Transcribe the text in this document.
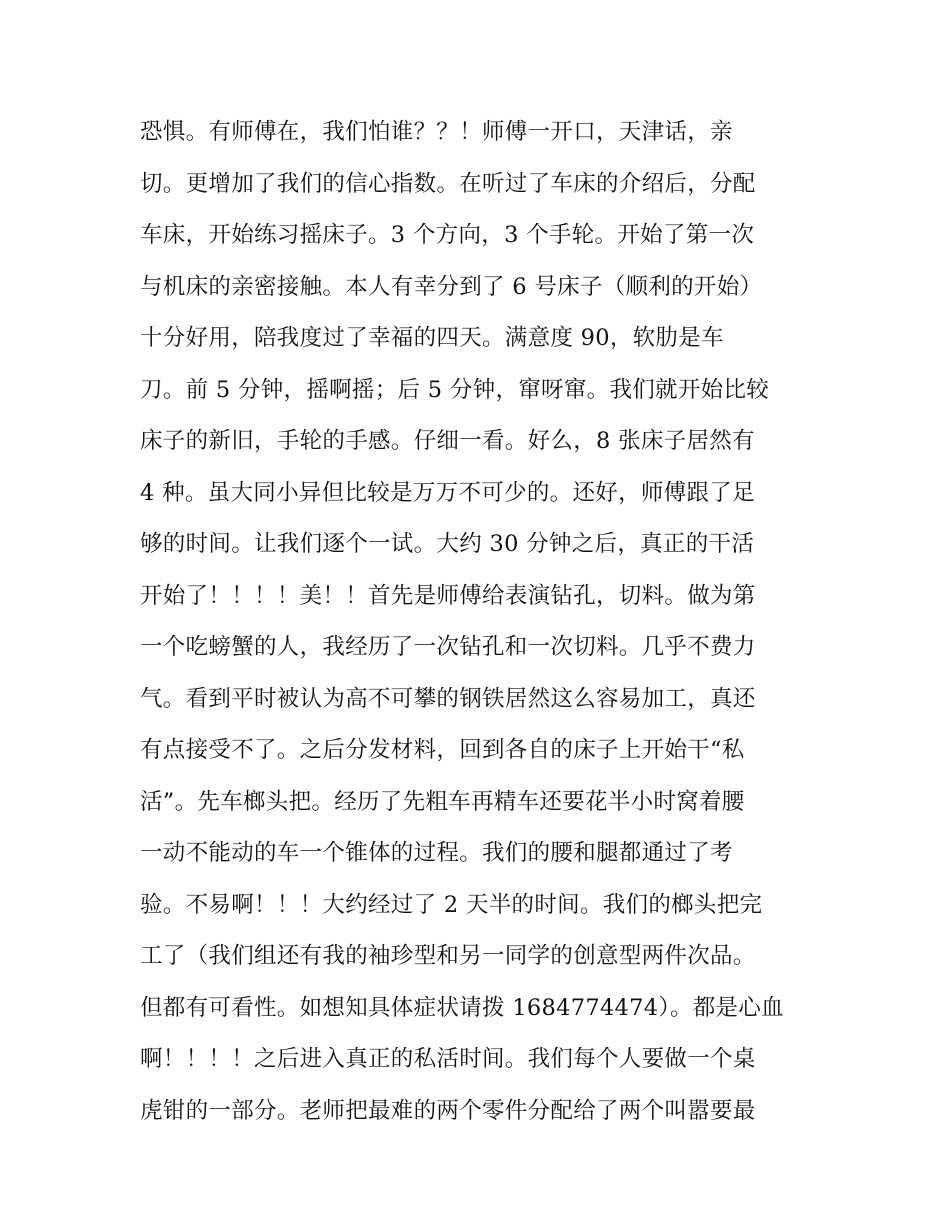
恐惧。有师傅在，我们怕谁？？！师傅一开口，天津话，亲
切。更增加了我们的信心指数。在听过了车床的介绍后，分配
车床，开始练习摇床子。3 个方向，3 个手轮。开始了第一次
与机床的亲密接触。本人有幸分到了 6 号床子（顺利的开始）
十分好用，陪我度过了幸福的四天。满意度 90，软肋是车
刀。前 5 分钟，摇啊摇；后 5 分钟，窜呀窜。我们就开始比较
床子的新旧，手轮的手感。仔细一看。好么，8 张床子居然有
4 种。虽大同小异但比较是万万不可少的。还好，师傅跟了足
够的时间。让我们逐个一试。大约 30 分钟之后，真正的干活
开始了！！！！美！！首先是师傅给表演钻孔，切料。做为第
一个吃螃蟹的人，我经历了一次钻孔和一次切料。几乎不费力
气。看到平时被认为高不可攀的钢铁居然这么容易加工，真还
有点接受不了。之后分发材料，回到各自的床子上开始干“私
活”。先车榔头把。经历了先粗车再精车还要花半小时窝着腰
一动不能动的车一个锥体的过程。我们的腰和腿都通过了考
验。不易啊！！！大约经过了 2 天半的时间。我们的榔头把完
工了（我们组还有我的袖珍型和另一同学的创意型两件次品。
但都有可看性。如想知具体症状请拨 1684774474）。都是心血
啊！！！！之后进入真正的私活时间。我们每个人要做一个桌
虎钳的一部分。老师把最难的两个零件分配给了两个叫嚣要最
